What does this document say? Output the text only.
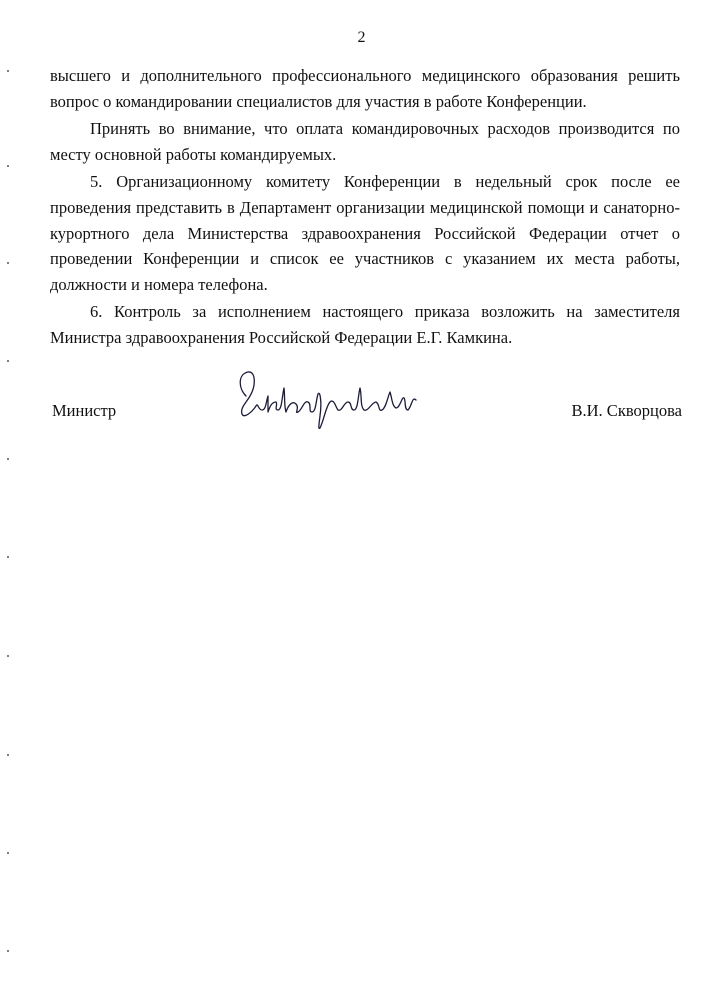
2

высшего и дополнительного профессионального медицинского образования решить вопрос о командировании специалистов для участия в работе Конференции.

Принять во внимание, что оплата командировочных расходов производится по месту основной работы командируемых.

5. Организационному комитету Конференции в недельный срок после ее проведения представить в Департамент организации медицинской помощи и санаторно-курортного дела Министерства здравоохранения Российской Федерации отчет о проведении Конференции и список ее участников с указанием их места работы, должности и номера телефона.

6. Контроль за исполнением настоящего приказа возложить на заместителя Министра здравоохранения Российской Федерации Е.Г. Камкина.

Министр	В.И. Скворцова
